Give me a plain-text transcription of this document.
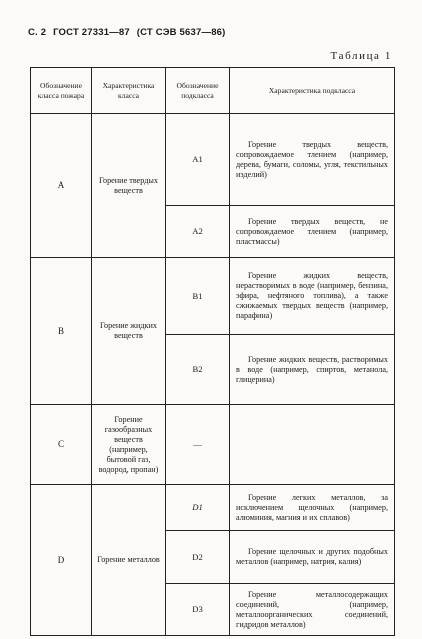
С. 2 ГОСТ 27331—87 (СТ СЭВ 5637—86)
Таблица 1
Обозначение класса пожара	Характеристика класса	Обозначение подкласса	Характеристика подкласса
A	Горение твердых веществ	A1	Горение твердых веществ, сопровождаемое тлением (например, дерева, бумаги, соломы, угля, текстильных изделий)

		A2	Горение твердых веществ, не сопровождаемое тлением (например, пластмассы)

B	Горение жидких веществ	B1	Горение жидких веществ, нерастворимых в воде (например, бензина, эфира, нефтяного топлива), а также сжижаемых твердых веществ (например, парафина)

		B2	Горение жидких веществ, растворимых в воде (например, спиртов, метанола, глицерина)

C	Горение газообразных веществ (например, бытовой газ, водород, пропан)	—	

D	Горение металлов	D1	Горение легких металлов, за исключением щелочных (например, алюминия, магния и их сплавов)

		D2	Горение щелочных и других подобных металлов (например, натрия, калия)

		D3	Горение металлосодержащих соединений, (например, металлоорганических соединений, гидридов металлов)
